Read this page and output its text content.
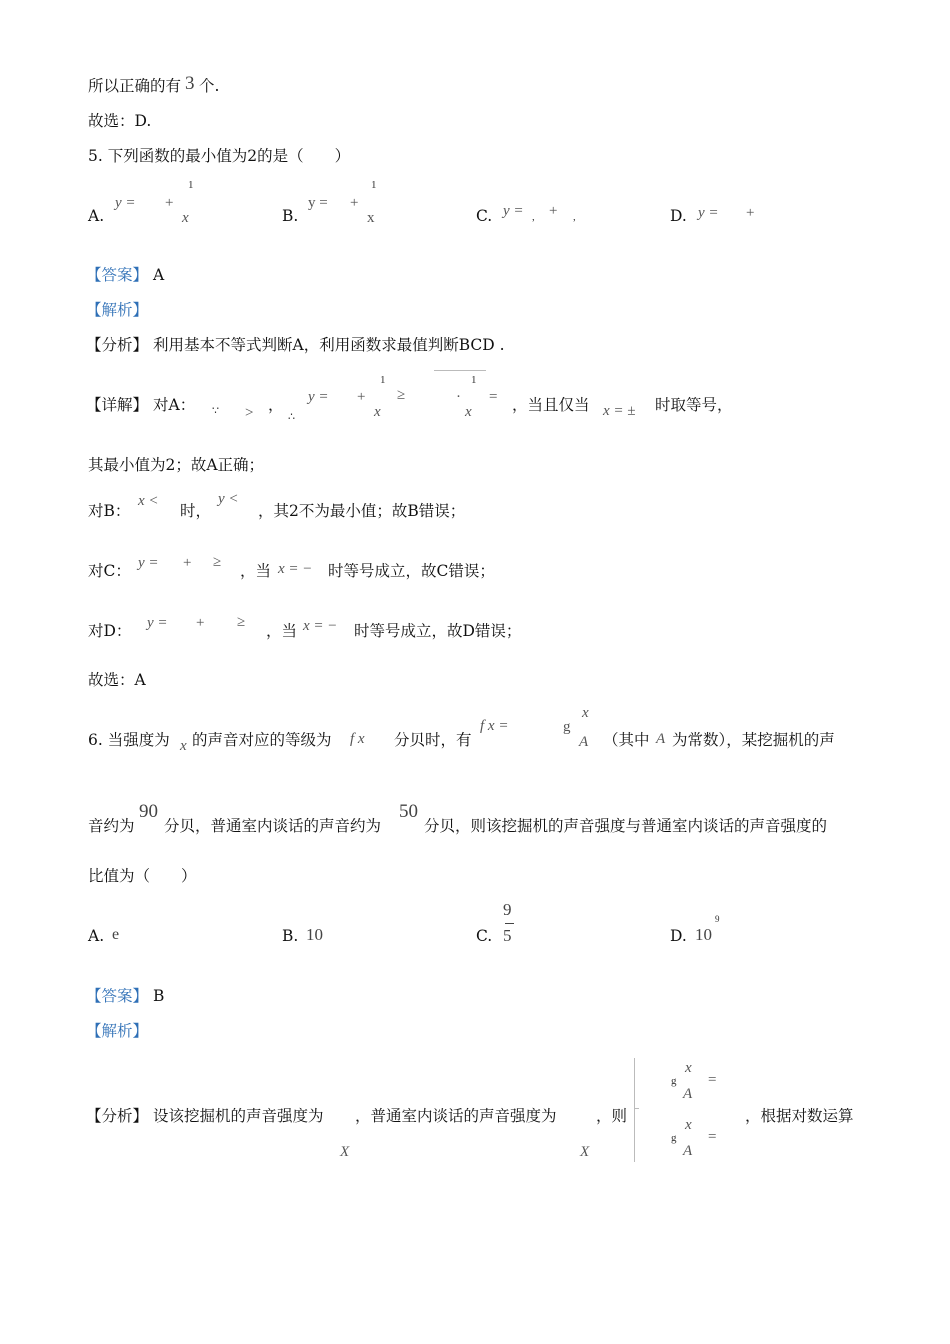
所以正确的有 3 个.
故选：D.
5. 下列函数的最小值为2的是（　　）
A.
y = +
1
x	B.
y = +
1
x	C. y = , + ,	D. y = +
【答案】 A
【解析】
【分析】 利用基本不等式判断A，利用函数求最值判断BCD .
【详解】 对A： ∵ > ，
∴
y = +
1
x
≥	·
1
x
= ，当且仅当 x = ± 时取等号，
其最小值为2；故A正确；
对B：
x <
时，
y <
，其2不为最小值；故B错误；
对C： y = + ≥ ，当 x = − 时等号成立，故C错误；
对D： y = + ≥ ，当 x = − 时等号成立，故D错误；
故选：A
6. 当强度为 x 的声音对应的等级为 f x 分贝时，有
f x =	g
x
A （其中 A 为常数），某挖掘机的声
音约为
90
分贝，普通室内谈话的声音约为
50
分贝，则该挖掘机的声音强度与普通室内谈话的声音强度的
比值为（　　）
A. e	B. 10	C.
9
5	D. 10
9
【答案】 B
【解析】
【分析】 设该挖掘机的声音强度为
X
，普通室内谈话的声音强度为
X
，则
g
x
A
=
g
x
A
=
，根据对数运算
